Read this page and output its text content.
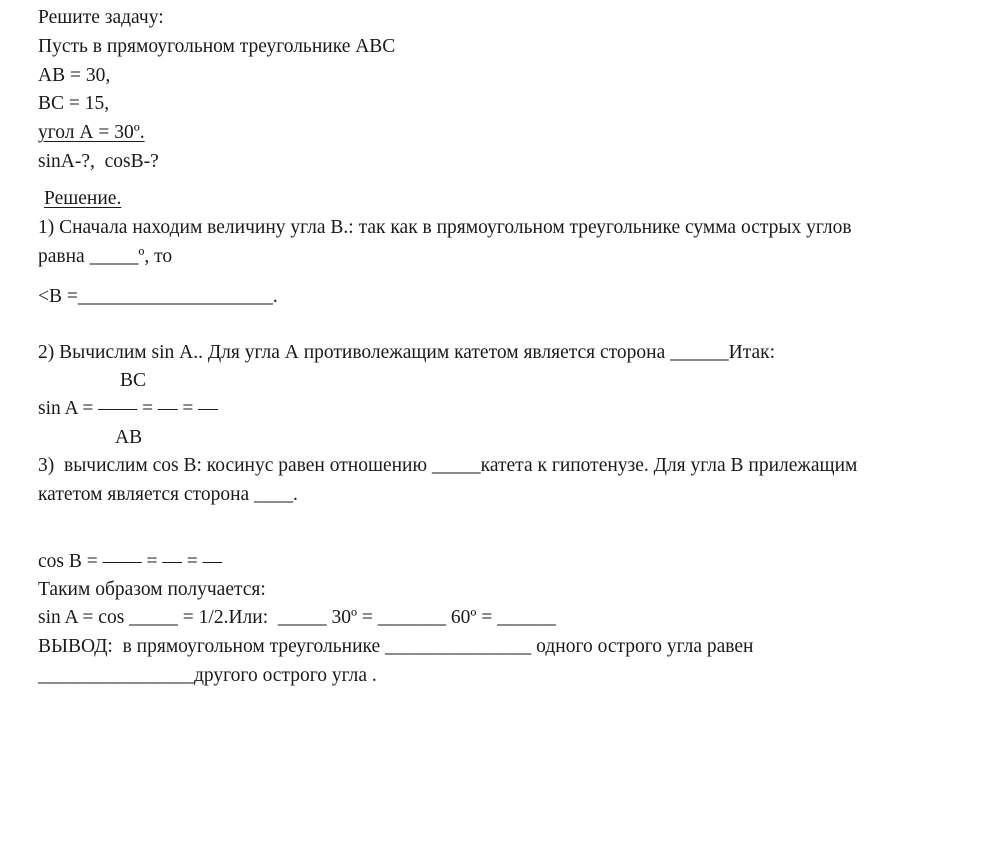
Решите задачу:
Пусть в прямоугольном треугольнике АВС
АВ = 30,
ВС = 15,
угол А = 30º.
sinA-?,  cosB-?
Решение.
1) Сначала находим величину угла В.: так как в прямоугольном треугольнике сумма острых углов
равна _____º, то
<В =____________________.
2) Вычислим sin А.. Для угла А противолежащим катетом является сторона ______Итак:
ВС
sin A = —— = — = —
АВ
3)  вычислим cos В: косинус равен отношению _____катета к гипотенузе. Для угла В прилежащим
катетом является сторона ____.
cos В = —— = — = —
Таким образом получается:
sin A = cos _____ = 1/2.Или:  _____ 30º = _______ 60º = ______
ВЫВОД:  в прямоугольном треугольнике _______________ одного острого угла равен
________________другого острого угла .
